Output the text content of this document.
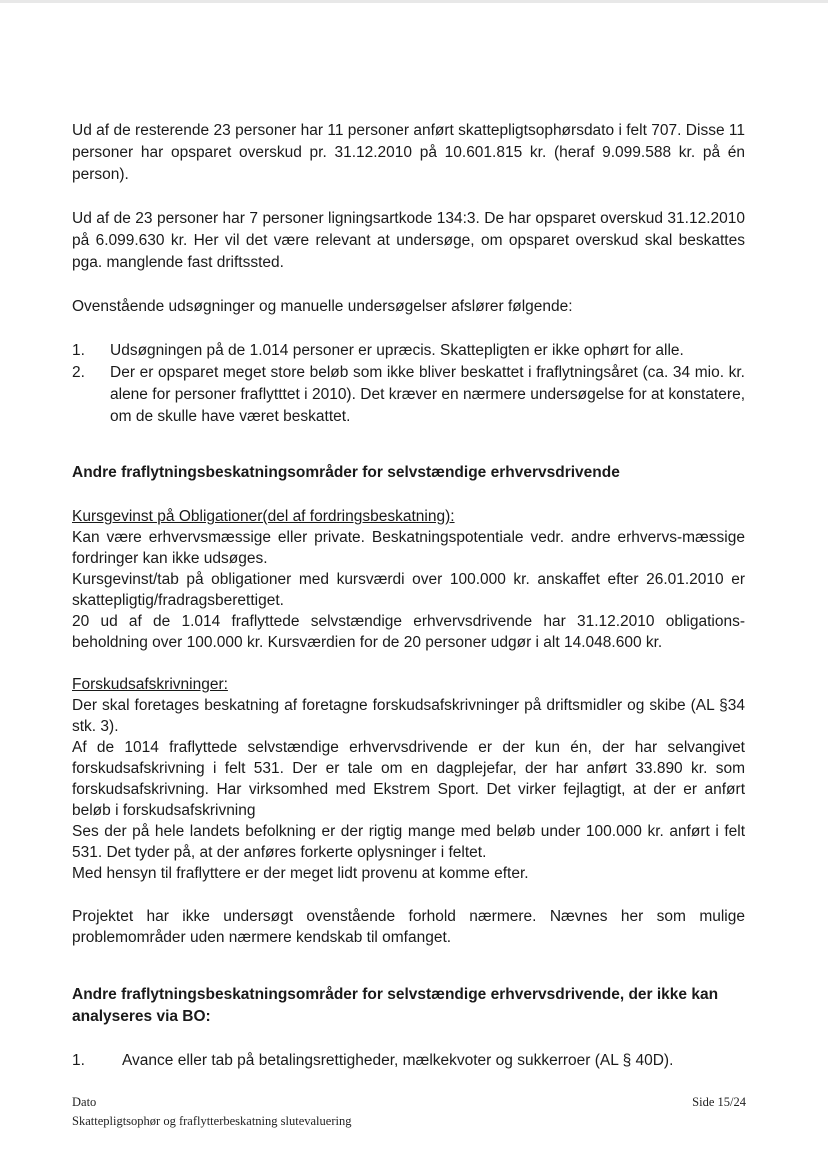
Ud af de resterende 23 personer har 11 personer anført skattepligtsophørsdato i felt 707. Disse 11 personer har opsparet overskud pr. 31.12.2010 på 10.601.815 kr. (heraf 9.099.588 kr. på én person).

Ud af de 23 personer har 7 personer ligningsartkode 134:3. De har opsparet overskud 31.12.2010 på 6.099.630 kr. Her vil det være relevant at undersøge, om opsparet overskud skal beskattes pga. manglende fast driftssted.

Ovenstående udsøgninger og manuelle undersøgelser afslører følgende:

1.	Udsøgningen på de 1.014 personer er upræcis. Skattepligten er ikke ophørt for alle.
2.	Der er opsparet meget store beløb som ikke bliver beskattet i fraflytningsåret (ca. 34 mio. kr. alene for personer fraflytttet i 2010). Det kræver en nærmere undersøgelse for at konstatere, om de skulle have været beskattet.

Andre fraflytningsbeskatningsområder for selvstændige erhvervsdrivende

Kursgevinst på Obligationer(del af fordringsbeskatning):

Kan være erhvervsmæssige eller private. Beskatningspotentiale vedr. andre erhvervs-mæssige fordringer kan ikke udsøges.

Kursgevinst/tab på obligationer med kursværdi over 100.000 kr. anskaffet efter 26.01.2010 er skattepligtig/fradragsberettiget.

20 ud af de 1.014 fraflyttede selvstændige erhvervsdrivende har 31.12.2010 obligations-beholdning over 100.000 kr. Kursværdien for de 20 personer udgør i alt 14.048.600 kr.

Forskudsafskrivninger:

Der skal foretages beskatning af foretagne forskudsafskrivninger på driftsmidler og skibe (AL §34 stk. 3).

Af de 1014 fraflyttede selvstændige erhvervsdrivende er der kun én, der har selvangivet forskudsafskrivning i felt 531. Der er tale om en dagplejefar, der har anført 33.890 kr. som forskudsafskrivning. Har virksomhed med Ekstrem Sport. Det virker fejlagtigt, at der er anført beløb i forskudsafskrivning

Ses der på hele landets befolkning er der rigtig mange med beløb under 100.000 kr. anført i felt 531. Det tyder på, at der anføres forkerte oplysninger i feltet.

Med hensyn til fraflyttere er der meget lidt provenu at komme efter.

Projektet har ikke undersøgt ovenstående forhold nærmere. Nævnes her som mulige problemområder uden nærmere kendskab til omfanget.

Andre fraflytningsbeskatningsområder for selvstændige erhvervsdrivende, der ikke kan analyseres via BO:

1.	Avance eller tab på betalingsrettigheder, mælkekvoter og sukkerroer (AL § 40D).
Dato
Skattepligtsophør og fraflytterbeskatning slutevaluering
Side 15/24
